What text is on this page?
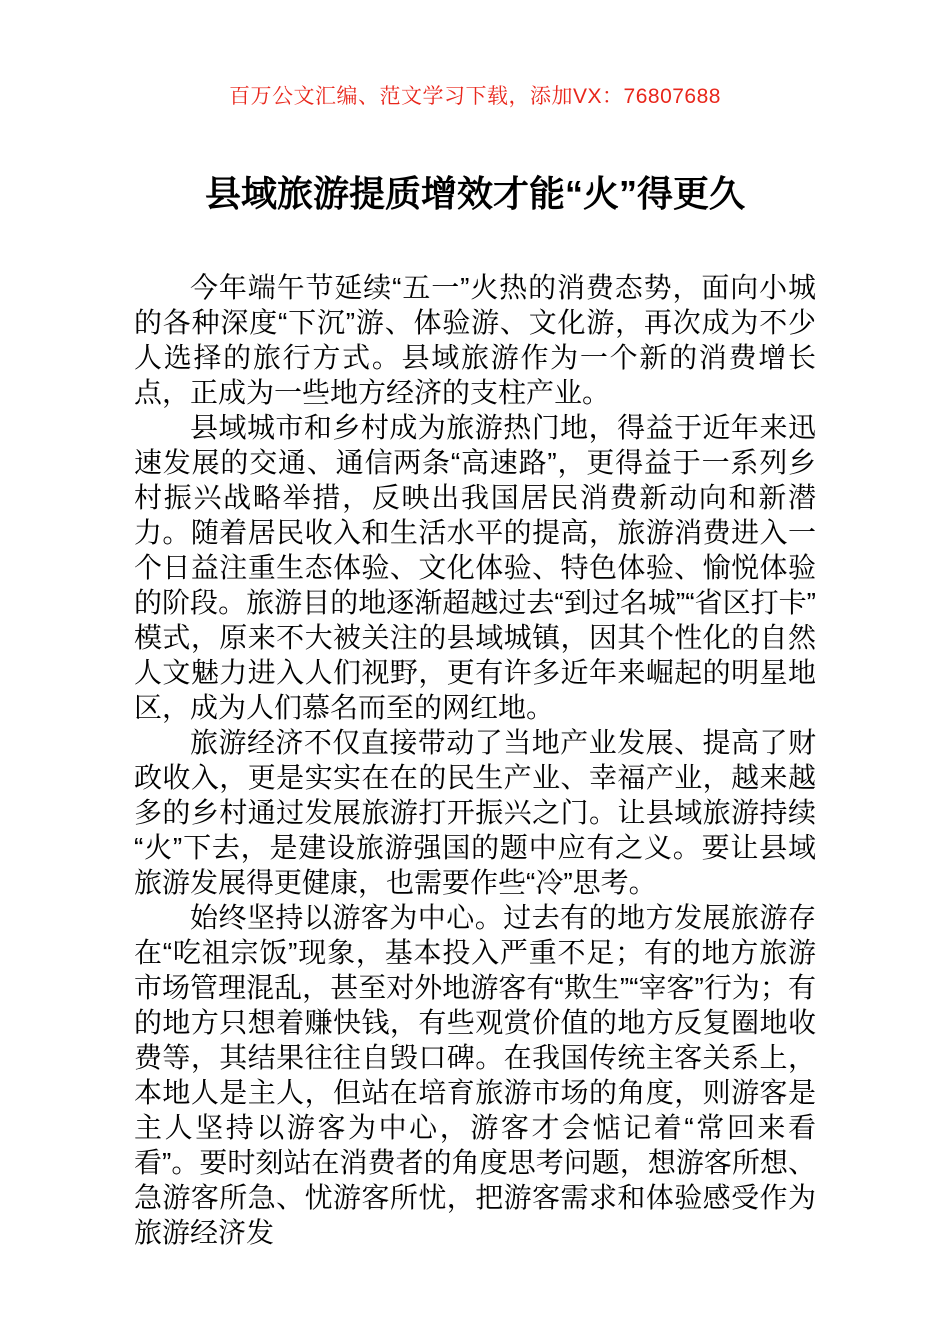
百万公文汇编、范文学习下载，添加VX：76807688
县域旅游提质增效才能“火”得更久

今年端午节延续“五一”火热的消费态势，面向小城的各种深度“下沉”游、体验游、文化游，再次成为不少人选择的旅行方式。县域旅游作为一个新的消费增长点，正成为一些地方经济的支柱产业。

县域城市和乡村成为旅游热门地，得益于近年来迅速发展的交通、通信两条“高速路”，更得益于一系列乡村振兴战略举措，反映出我国居民消费新动向和新潜力。随着居民收入和生活水平的提高，旅游消费进入一个日益注重生态体验、文化体验、特色体验、愉悦体验的阶段。旅游目的地逐渐超越过去“到过名城”“省区打卡”模式，原来不大被关注的县域城镇，因其个性化的自然人文魅力进入人们视野，更有许多近年来崛起的明星地区，成为人们慕名而至的网红地。

旅游经济不仅直接带动了当地产业发展、提高了财政收入，更是实实在在的民生产业、幸福产业，越来越多的乡村通过发展旅游打开振兴之门。让县域旅游持续“火”下去，是建设旅游强国的题中应有之义。要让县域旅游发展得更健康，也需要作些“冷”思考。

始终坚持以游客为中心。过去有的地方发展旅游存在“吃祖宗饭”现象，基本投入严重不足；有的地方旅游市场管理混乱，甚至对外地游客有“欺生”“宰客”行为；有的地方只想着赚快钱，有些观赏价值的地方反复圈地收费等，其结果往往自毁口碑。在我国传统主客关系上，本地人是主人，但站在培育旅游市场的角度，则游客是主人坚持以游客为中心，游客才会惦记着“常回来看看”。要时刻站在消费者的角度思考问题，想游客所想、急游客所急、忧游客所忧，把游客需求和体验感受作为旅游经济发
